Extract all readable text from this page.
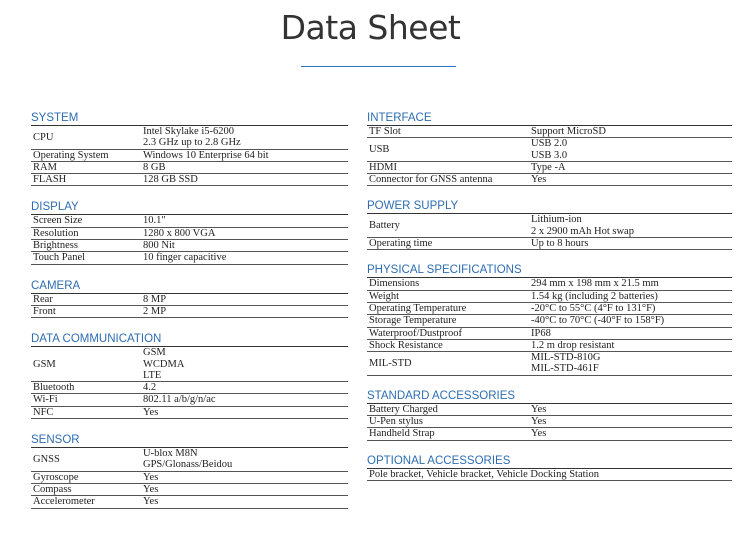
Data Sheet
SYSTEM
CPU	Intel Skylake i5-6200
2.3 GHz up to 2.8 GHz

Operating System	Windows 10 Enterprise 64 bit

RAM	8 GB

FLASH	128 GB SSD
DISPLAY
Screen Size	10.1"

Resolution	1280 x 800 VGA

Brightness	800 Nit

Touch Panel	10 finger capacitive
CAMERA
Rear	8 MP

Front	2 MP
DATA COMMUNICATION
GSM	GSM
WCDMA
LTE

Bluetooth	4.2

Wi-Fi	802.11 a/b/g/n/ac

NFC	Yes
SENSOR
GNSS	U-blox M8N
GPS/Glonass/Beidou

Gyroscope	Yes

Compass	Yes

Accelerometer	Yes
INTERFACE
TF Slot	Support MicroSD

USB	USB 2.0
USB 3.0

HDMI	Type -A

Connector for GNSS antenna	Yes
POWER SUPPLY
Battery	Lithium-ion
2 x 2900 mAh Hot swap

Operating time	Up to 8 hours
PHYSICAL SPECIFICATIONS
Dimensions	294 mm x 198 mm x 21.5 mm

Weight	1.54 kg (including 2 batteries)

Operating Temperature	-20°C to 55°C (4°F to 131°F)

Storage Temperature	-40°C to 70°C (-40°F to 158°F)

Waterproof/Dustproof	IP68

Shock Resistance	1.2 m drop resistant

MIL-STD	MIL-STD-810G
MIL-STD-461F
STANDARD ACCESSORIES
Battery Charged	Yes

U-Pen stylus	Yes

Handheld Strap	Yes
OPTIONAL ACCESSORIES
Pole bracket, Vehicle bracket, Vehicle Docking Station
